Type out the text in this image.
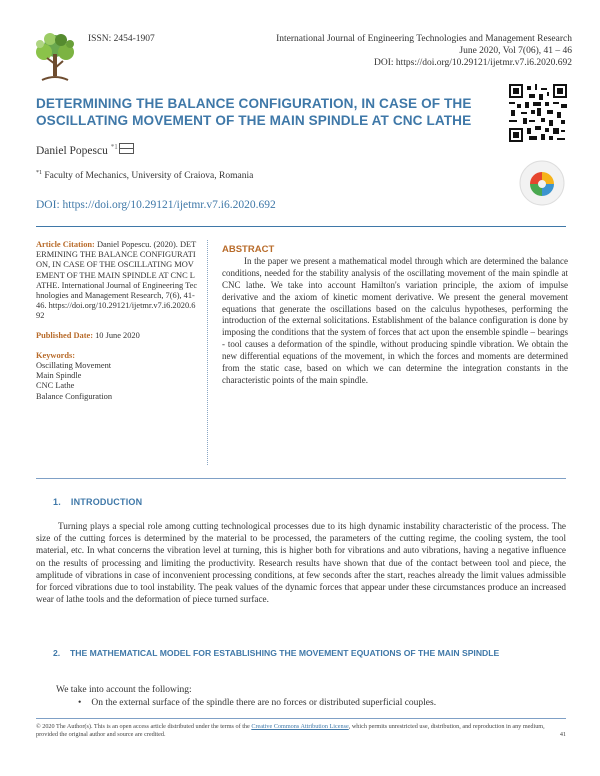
ISSN: 2454-1907	International Journal of Engineering Technologies and Management Research
June 2020, Vol 7(06), 41 – 46
DOI: https://doi.org/10.29121/ijetmr.v7.i6.2020.692
DETERMINING THE BALANCE CONFIGURATION, IN CASE OF THE OSCILLATING MOVEMENT OF THE MAIN SPINDLE AT CNC LATHE
Daniel Popescu $^{*1}$
$^{*1}$ Faculty of Mechanics, University of Craiova, Romania
DOI: https://doi.org/10.29121/ijetmr.v7.i6.2020.692
Article Citation: Daniel Popescu. (2020). DETERMINING THE BALANCE CONFIGURATION, IN CASE OF THE OSCILLATING MOVEMENT OF THE MAIN SPINDLE AT CNC LATHE. International Journal of Engineering Technologies and Management Research, 7(6), 41-46. https://doi.org/10.29121/ijetmr.v7.i6.2020.692
Published Date: 10 June 2020
Keywords:
Oscillating Movement
Main Spindle
CNC Lathe
Balance Configuration
ABSTRACT
In the paper we present a mathematical model through which are determined the balance conditions, needed for the stability analysis of the oscillating movement of the main spindle at CNC lathe. We take into account Hamilton's variation principle, the axiom of impulse derivative and the axiom of kinetic moment derivative. We present the general movement equations that generate the oscillations based on the calculus hypotheses, performing the introduction of the external solicitations. Establishment of the balance configuration is done by imposing the conditions that the system of forces that act upon the ensemble spindle – bearings - tool causes a deformation of the spindle, without producing spindle vibration. We obtain the new differential equations of the movement, in which the forces and moments are determined from the static case, based on which we can determine the integration constants in the characteristic points of the main spindle.
1. INTRODUCTION
Turning plays a special role among cutting technological processes due to its high dynamic instability characteristic of the process. The size of the cutting forces is determined by the material to be processed, the parameters of the cutting regime, the cooling system, the tool material, etc. In what concerns the vibration level at turning, this is higher both for vibrations and auto vibrations, having a negative influence on the results of processing and limiting the productivity. Research results have shown that due of the contact between tool and piece, the amplitude of vibrations in case of inconvenient processing conditions, at few seconds after the start, reaches already the limit values admissible for forced vibrations due to tool instability. The peak values of the dynamic forces that appear under these circumstances produce an increased wear of lathe tools and the deformation of piece turned surface.
2.	THE MATHEMATICAL MODEL FOR ESTABLISHING THE MOVEMENT EQUATIONS OF THE MAIN SPINDLE
We take into account the following:
• On the external surface of the spindle there are no forces or distributed superficial couples.
© 2020 The Author(s). This is an open access article distributed under the terms of the Creative Commons Attribution License, which permits unrestricted use, distribution, and reproduction in any medium, provided the original author and source are credited.	41
